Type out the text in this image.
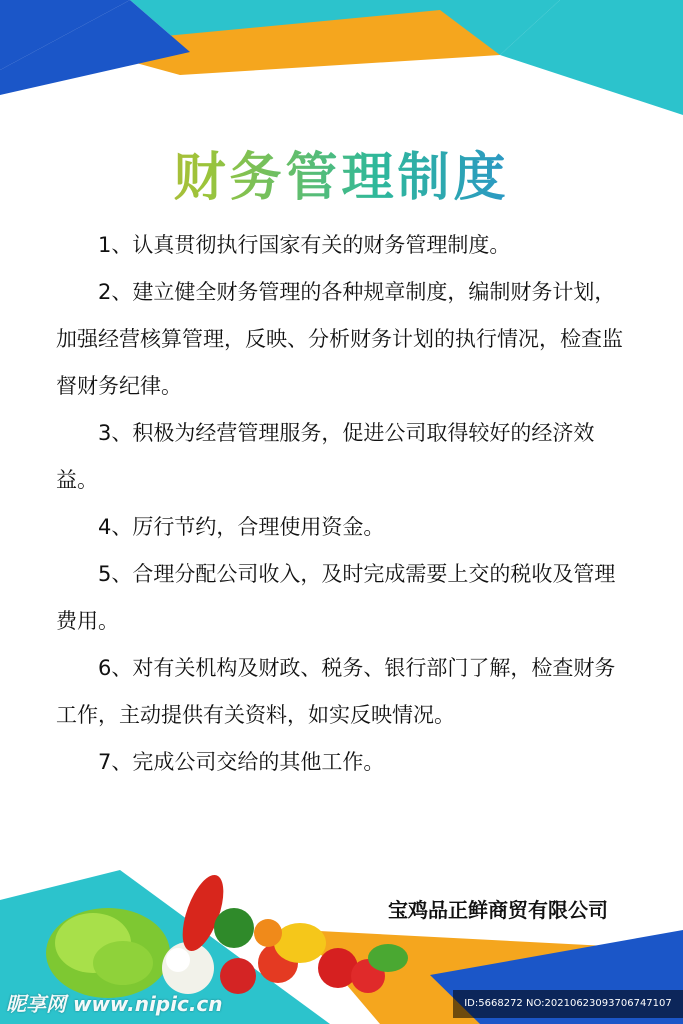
财务管理制度

1、认真贯彻执行国家有关的财务管理制度。

2、建立健全财务管理的各种规章制度，编制财务计划，加强经营核算管理，反映、分析财务计划的执行情况，检查监督财务纪律。

3、积极为经营管理服务，促进公司取得较好的经济效益。

4、厉行节约，合理使用资金。

5、合理分配公司收入，及时完成需要上交的税收及管理费用。

6、对有关机构及财政、税务、银行部门了解，检查财务工作，主动提供有关资料，如实反映情况。

7、完成公司交给的其他工作。

宝鸡品正鲜商贸有限公司
昵享网 www.nipic.cn	ID:5668272 NO:20210623093706747107
